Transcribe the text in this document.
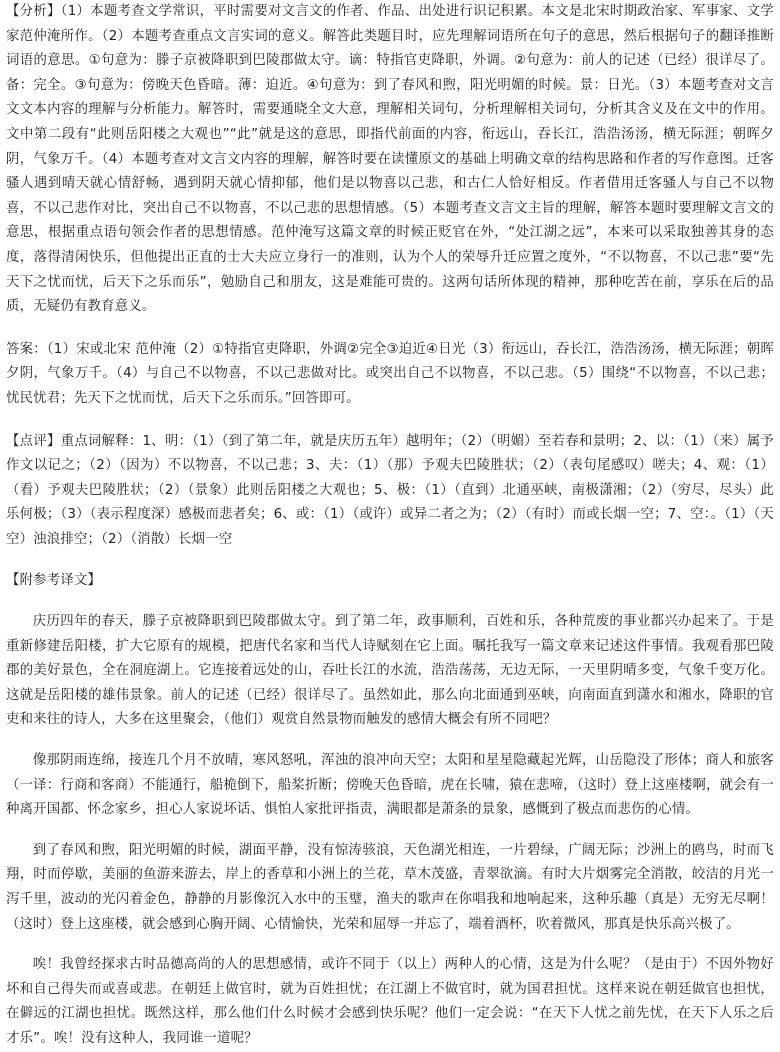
【分析】（1）本题考查文学常识，平时需要对文言文的作者、作品、出处进行识记积累。本文是北宋时期政治家、军事家、文学家范仲淹所作。（2）本题考查重点文言实词的意义。解答此类题目时，应先理解词语所在句子的意思，然后根据句子的翻译推断词语的意思。①句意为：滕子京被降职到巴陵郡做太守。谪：特指官吏降职，外调。②句意为：前人的记述（已经）很详尽了。备：完全。③句意为：傍晚天色昏暗。薄：迫近。④句意为：到了春风和煦，阳光明媚的时候。景：日光。（3）本题考查对文言文文本内容的理解与分析能力。解答时，需要通晓全文大意，理解相关词句，分析理解相关词句，分析其含义及在文中的作用。文中第二段有“此则岳阳楼之大观也”“此”就是这的意思，即指代前面的内容，衔远山，吞长江，浩浩汤汤，横无际涯；朝晖夕阴，气象万千。（4）本题考查对文言文内容的理解，解答时要在读懂原文的基础上明确文章的结构思路和作者的写作意图。迁客骚人遇到晴天就心情舒畅，遇到阴天就心情抑郁，他们是以物喜以己悲，和古仁人恰好相反。作者借用迁客骚人与自己不以物喜，不以己悲作对比，突出自己不以物喜，不以己悲的思想情感。（5）本题考查文言文主旨的理解，解答本题时要理解文言文的意思，根据重点语句领会作者的思想情感。范仲淹写这篇文章的时候正贬官在外，“处江湖之远”，本来可以采取独善其身的态度，落得清闲快乐，但他提出正直的士大夫应立身行一的准则，认为个人的荣辱升迁应置之度外，“不以物喜，不以己悲”要“先天下之忧而忧，后天下之乐而乐”，勉励自己和朋友，这是难能可贵的。这两句话所体现的精神，那种吃苦在前，享乐在后的品质，无疑仍有教育意义。

答案：（1）宋或北宋 范仲淹（2）①特指官吏降职，外调②完全③迫近④日光（3）衔远山，吞长江，浩浩汤汤，横无际涯；朝晖夕阴，气象万千。（4）与自己不以物喜，不以己悲做对比。或突出自己不以物喜，不以己悲。（5）围绕“不以物喜，不以己悲；忧民忧君；先天下之忧而忧，后天下之乐而乐。”回答即可。

【点评】重点词解释：1、明：（1）（到了第二年，就是庆历五年）越明年；（2）（明媚）至若春和景明；2、以：（1）（来）属予作文以记之；（2）（因为）不以物喜，不以己悲；3、夫：（1）（那）予观夫巴陵胜状；（2）（表句尾感叹）嗟夫；4、观：（1）（看）予观夫巴陵胜状；（2）（景象）此则岳阳楼之大观也；5、极：（1）（直到）北通巫峡，南极潇湘；（2）（穷尽，尽头）此乐何极；（3）（表示程度深）感极而悲者矣；6、或：（1）（或许）或异二者之为；（2）（有时）而或长烟一空；7、空：。（1）（天空）浊浪排空；（2）（消散）长烟一空

【附参考译文】

庆历四年的春天，滕子京被降职到巴陵郡做太守。到了第二年，政事顺利，百姓和乐，各种荒废的事业都兴办起来了。于是重新修建岳阳楼，扩大它原有的规模，把唐代名家和当代人诗赋刻在它上面。嘱托我写一篇文章来记述这件事情。我观看那巴陵郡的美好景色，全在洞庭湖上。它连接着远处的山，吞吐长江的水流，浩浩荡荡，无边无际，一天里阴晴多变，气象千变万化。这就是岳阳楼的雄伟景象。前人的记述（已经）很详尽了。虽然如此，那么向北面通到巫峡，向南面直到潇水和湘水，降职的官吏和来往的诗人，大多在这里聚会，（他们）观赏自然景物而触发的感情大概会有所不同吧？

像那阴雨连绵，接连几个月不放晴，寒风怒吼，浑浊的浪冲向天空；太阳和星星隐藏起光辉，山岳隐没了形体；商人和旅客（一译：行商和客商）不能通行，船桅倒下，船桨折断；傍晚天色昏暗，虎在长啸，猿在悲啼，（这时）登上这座楼啊，就会有一种离开国都、怀念家乡，担心人家说坏话、惧怕人家批评指责，满眼都是萧条的景象，感慨到了极点而悲伤的心情。

到了春风和煦，阳光明媚的时候，湖面平静，没有惊涛骇浪，天色湖光相连，一片碧绿，广阔无际；沙洲上的鸥鸟，时而飞翔，时而停歇，美丽的鱼游来游去，岸上的香草和小洲上的兰花，草木茂盛，青翠欲滴。有时大片烟雾完全消散，皎洁的月光一泻千里，波动的光闪着金色，静静的月影像沉入水中的玉璧，渔夫的歌声在你唱我和地响起来，这种乐趣（真是）无穷无尽啊！（这时）登上这座楼，就会感到心胸开阔、心情愉快，光荣和屈辱一并忘了，端着酒杯，吹着微风，那真是快乐高兴极了。

唉！我曾经探求古时品德高尚的人的思想感情，或许不同于（以上）两种人的心情，这是为什么呢？（是由于）不因外物好坏和自己得失而或喜或悲。在朝廷上做官时，就为百姓担忧；在江湖上不做官时，就为国君担忧。这样来说在朝廷做官也担忧，在僻远的江湖也担忧。既然这样，那么他们什么时候才会感到快乐呢？他们一定会说：“在天下人忧之前先忧，在天下人乐之后才乐”。唉！没有这种人，我同谁一道呢？
